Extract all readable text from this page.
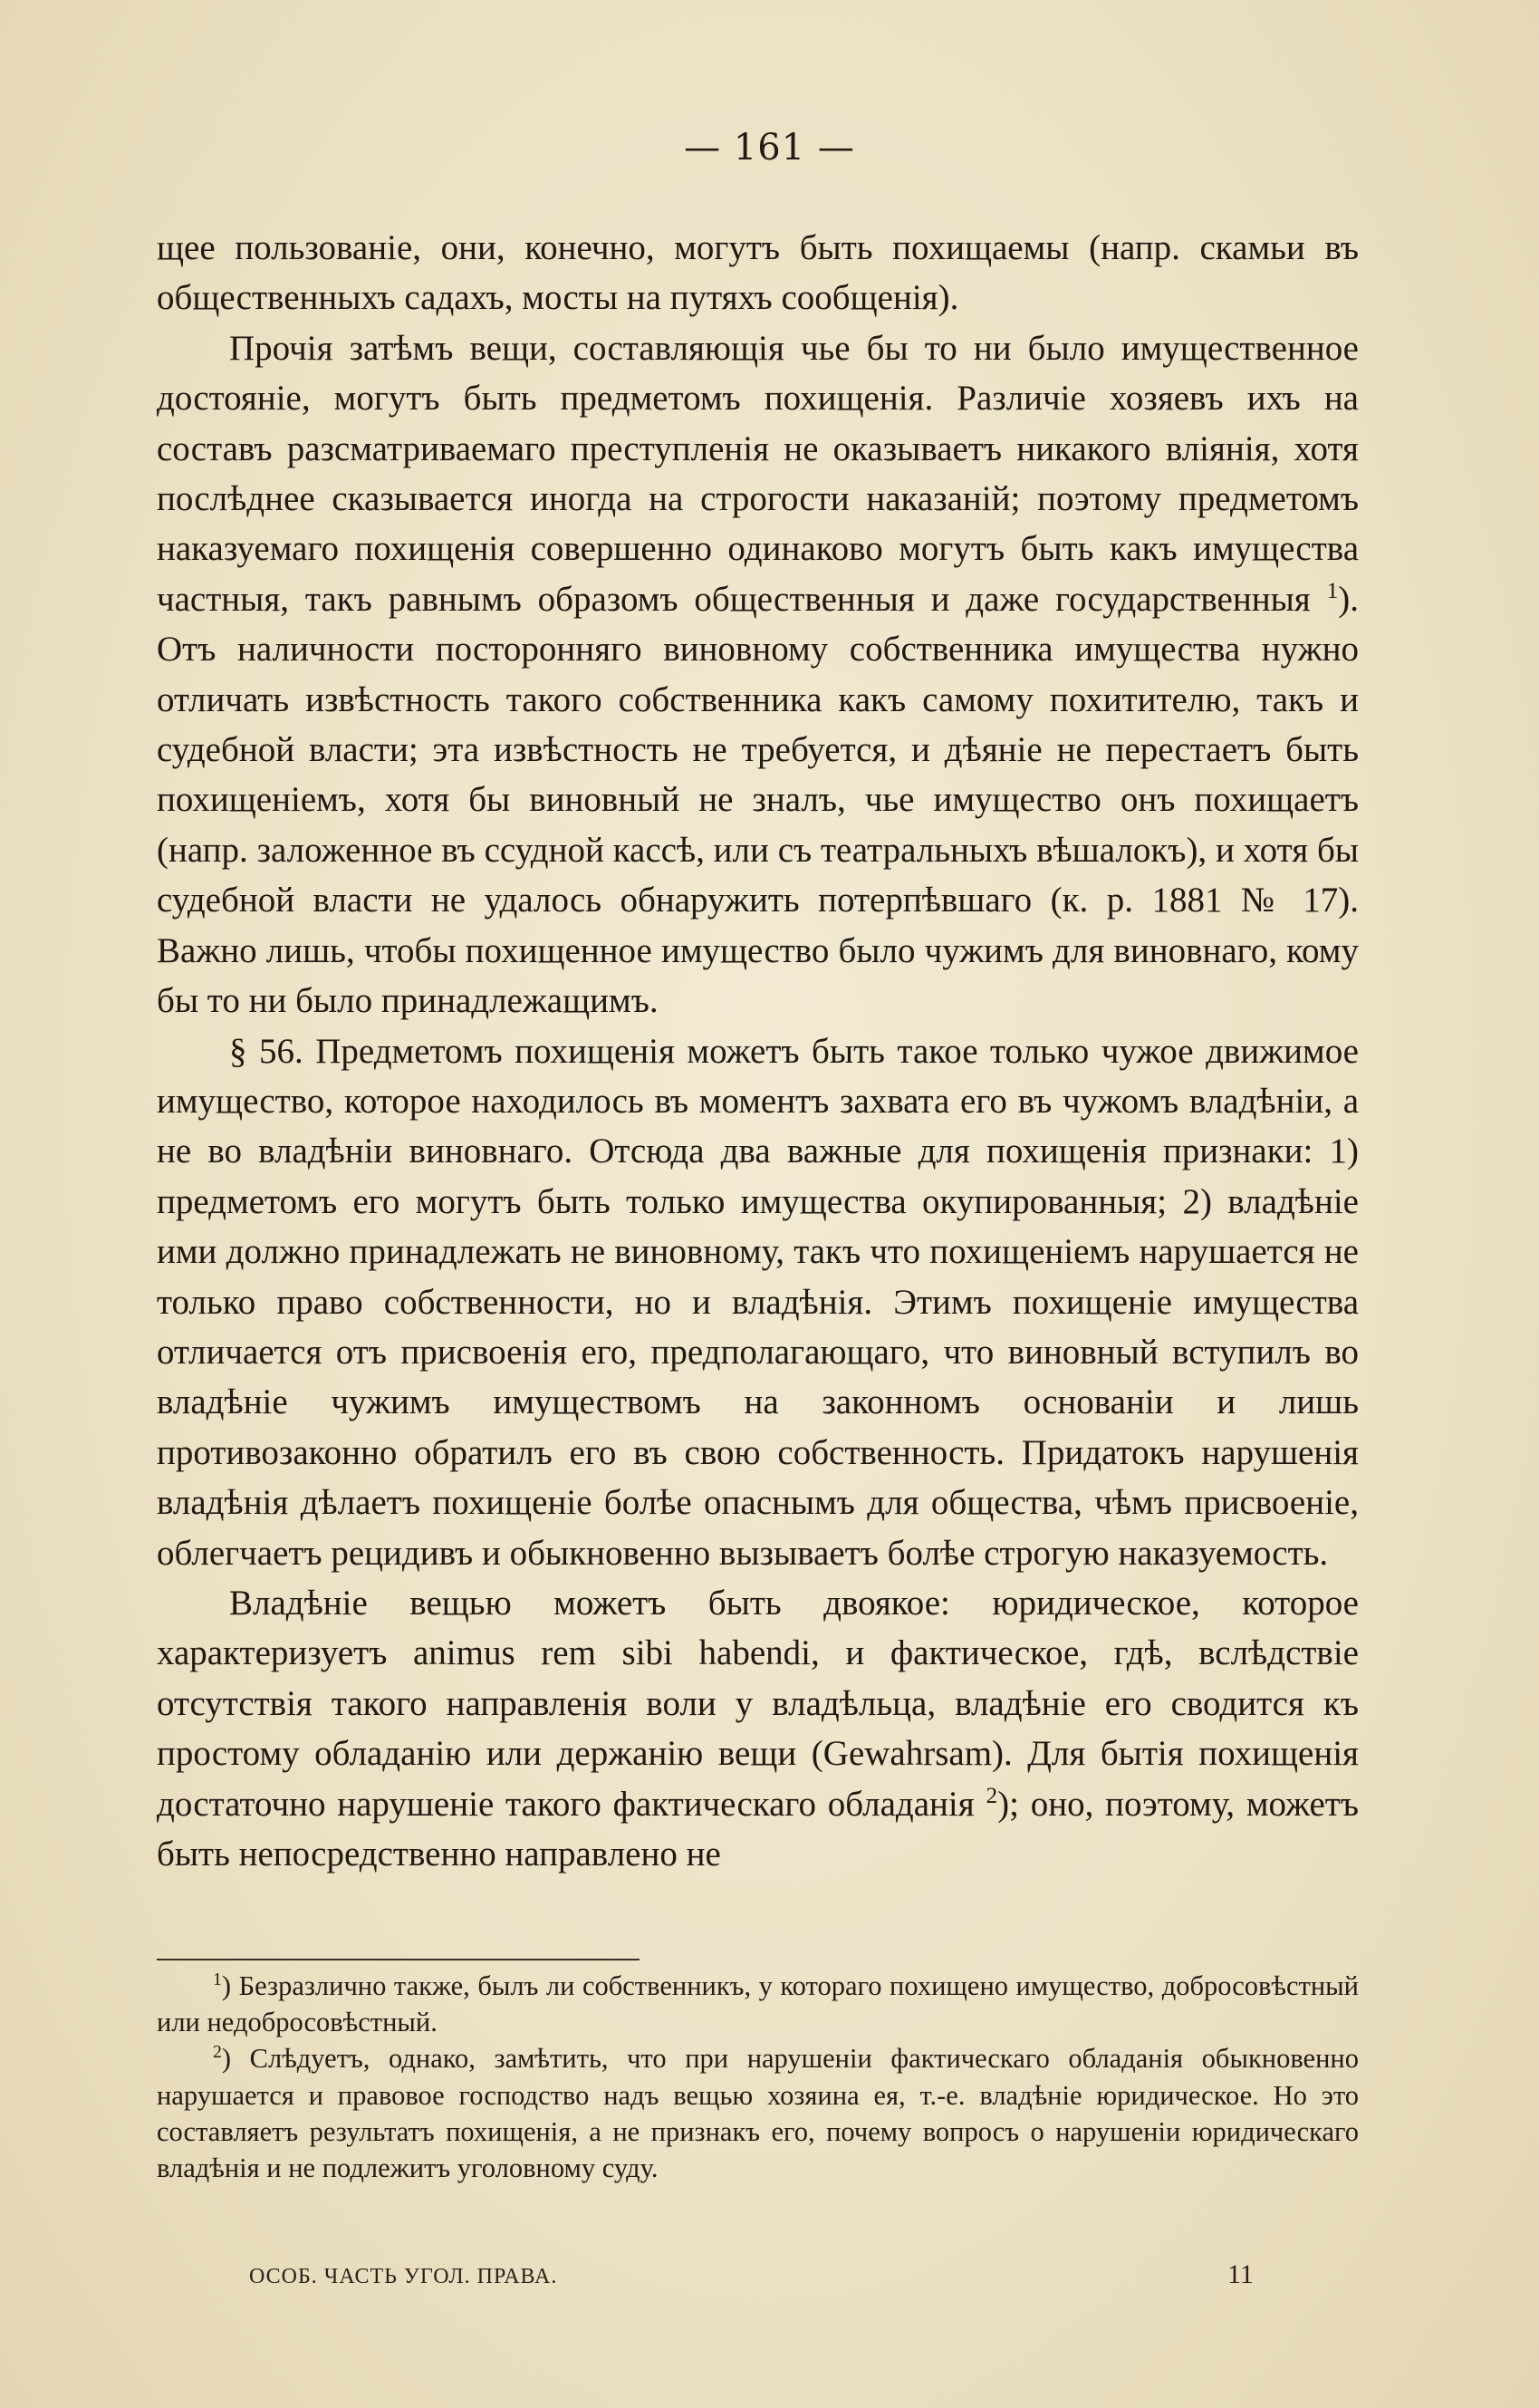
— 161 —

щее пользованіе, они, конечно, могутъ быть похищаемы (напр. скамьи въ общественныхъ садахъ, мосты на путяхъ сообщенія).

Прочія затѣмъ вещи, составляющія чье бы то ни было имущественное достояніе, могутъ быть предметомъ похищенія. Различіе хозяевъ ихъ на составъ разсматриваемаго преступленія не оказываетъ никакого вліянія, хотя послѣднее сказывается иногда на строгости наказаній; поэтому предметомъ наказуемаго похищенія совершенно одинаково могутъ быть какъ имущества частныя, такъ равнымъ образомъ общественныя и даже государственныя $^1$). Отъ наличности посторонняго виновному собственника имущества нужно отличать извѣстность такого собственника какъ самому похитителю, такъ и судебной власти; эта извѣстность не требуется, и дѣяніе не перестаетъ быть похищеніемъ, хотя бы виновный не зналъ, чье имущество онъ похищаетъ (напр. заложенное въ ссудной кассѣ, или съ театральныхъ вѣшалокъ), и хотя бы судебной власти не удалось обнаружить потерпѣвшаго (к. р. 1881 № 17). Важно лишь, чтобы похищенное имущество было чужимъ для виновнаго, кому бы то ни было принадлежащимъ.

§ 56. Предметомъ похищенія можетъ быть такое только чужое движимое имущество, которое находилось въ моментъ захвата его въ чужомъ владѣніи, а не во владѣніи виновнаго. Отсюда два важные для похищенія признаки: 1) предметомъ его могутъ быть только имущества окупированныя; 2) владѣніе ими должно принадлежать не виновному, такъ что похищеніемъ нарушается не только право собственности, но и владѣнія. Этимъ похищеніе имущества отличается отъ присвоенія его, предполагающаго, что виновный вступилъ во владѣніе чужимъ имуществомъ на законномъ основаніи и лишь противозаконно обратилъ его въ свою собственность. Придатокъ нарушенія владѣнія дѣлаетъ похищеніе болѣе опаснымъ для общества, чѣмъ присвоеніе, облегчаетъ рецидивъ и обыкновенно вызываетъ болѣе строгую наказуемость.

Владѣніе вещью можетъ быть двоякое: юридическое, которое характеризуетъ animus rem sibi habendi, и фактическое, гдѣ, вслѣдствіе отсутствія такого направленія воли у владѣльца, владѣніе его сводится къ простому обладанію или держанію вещи (Gewahrsam). Для бытія похищенія достаточно нарушеніе такого фактическаго обладанія $^2$); оно, поэтому, можетъ быть непосредственно направлено не

$^1$) Безразлично также, былъ ли собственникъ, у котораго похищено имущество, добросовѣстный или недобросовѣстный.

$^2$) Слѣдуетъ, однако, замѣтить, что при нарушеніи фактическаго обладанія обыкновенно нарушается и правовое господство надъ вещью хозяина ея, т.-е. владѣніе юридическое. Но это составляетъ результатъ похищенія, а не признакъ его, почему вопросъ о нарушеніи юридическаго владѣнія и не подлежитъ уголовному суду.

ОСОБ. ЧАСТЬ УГОЛ. ПРАВА.	11
